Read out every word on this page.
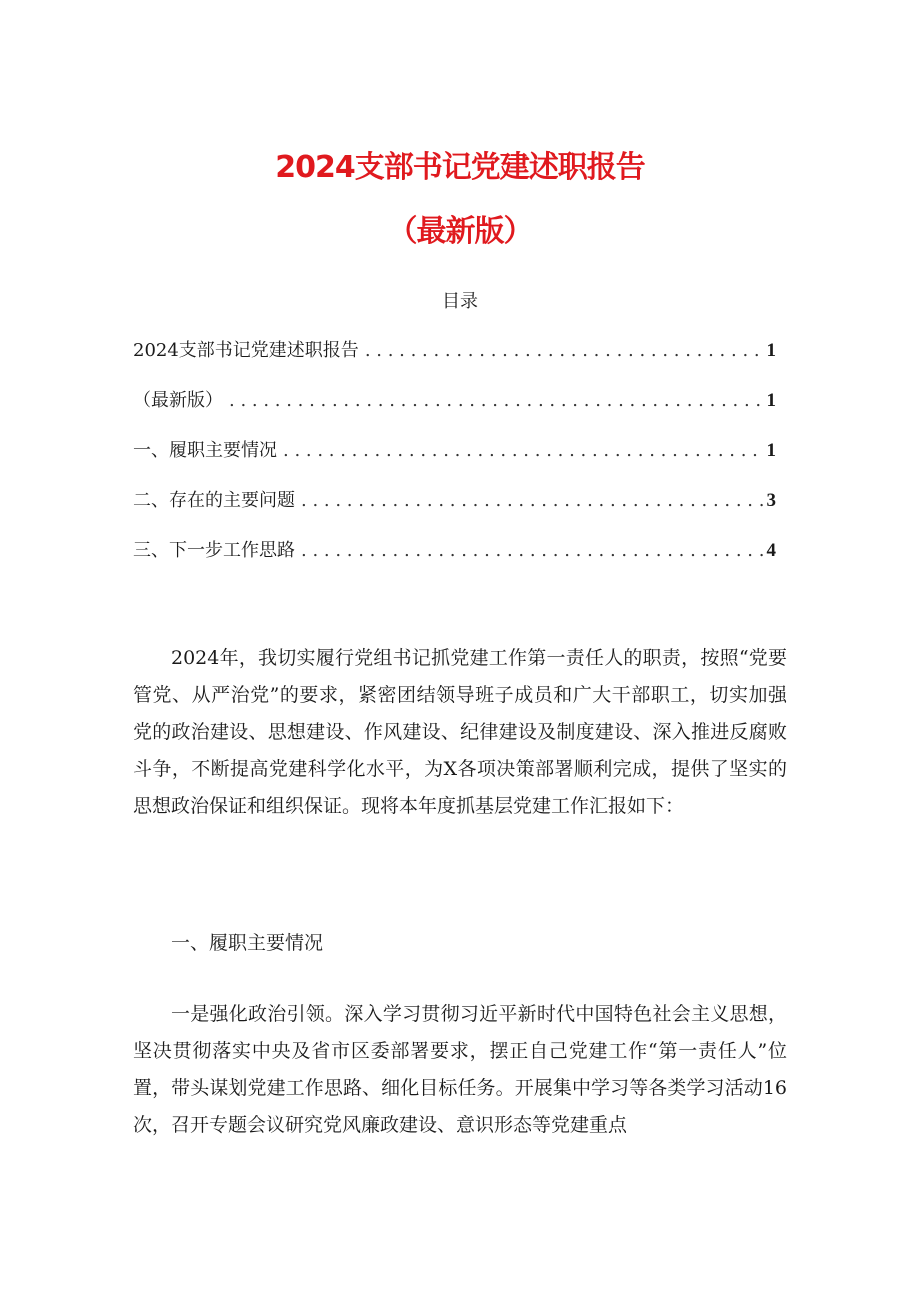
2024支部书记党建述职报告
（最新版）

目录

2024支部书记党建述职报告 . . .	1
（最新版） . . .	1
一、履职主要情况 . . .	1
二、存在的主要问题 . . .	3
三、下一步工作思路 . . .	4

2024年，我切实履行党组书记抓党建工作第一责任人的职责，按照“党要管党、从严治党”的要求，紧密团结领导班子成员和广大干部职工，切实加强党的政治建设、思想建设、作风建设、纪律建设及制度建设、深入推进反腐败斗争，不断提高党建科学化水平，为X各项决策部署顺利完成，提供了坚实的思想政治保证和组织保证。现将本年度抓基层党建工作汇报如下：

一、履职主要情况

一是强化政治引领。深入学习贯彻习近平新时代中国特色社会主义思想，坚决贯彻落实中央及省市区委部署要求，摆正自己党建工作“第一责任人”位置，带头谋划党建工作思路、细化目标任务。开展集中学习等各类学习活动16次，召开专题会议研究党风廉政建设、意识形态等党建重点
